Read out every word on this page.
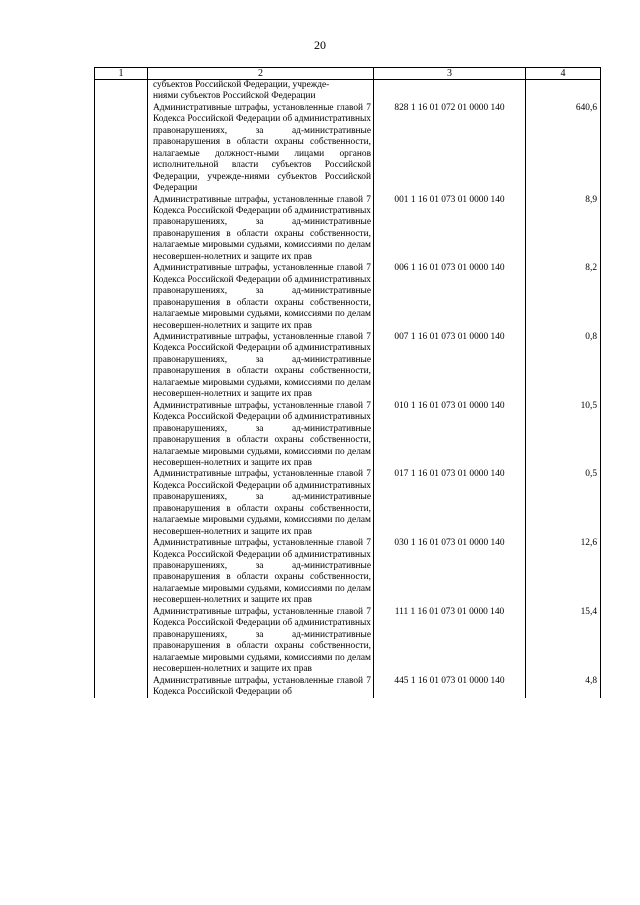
20
1	2	3	4
	субъектов Российской Федерации, учрежде-
ниями субъектов Российской Федерации		
	Административные штрафы, установленные главой 7 Кодекса Российской Федерации об административных правонарушениях, за ад-министративные правонарушения в области охраны собственности, налагаемые должност-ными лицами органов исполнительной власти субъектов Российской Федерации, учрежде-ниями субъектов Российской Федерации	828 1 16 01 072 01 0000 140	640,6
	Административные штрафы, установленные главой 7 Кодекса Российской Федерации об административных правонарушениях, за ад-министративные правонарушения в области охраны собственности, налагаемые мировыми судьями, комиссиями по делам несовершен-нолетних и защите их прав	001 1 16 01 073 01 0000 140	8,9
	Административные штрафы, установленные главой 7 Кодекса Российской Федерации об административных правонарушениях, за ад-министративные правонарушения в области охраны собственности, налагаемые мировыми судьями, комиссиями по делам несовершен-нолетних и защите их прав	006 1 16 01 073 01 0000 140	8,2
	Административные штрафы, установленные главой 7 Кодекса Российской Федерации об административных правонарушениях, за ад-министративные правонарушения в области охраны собственности, налагаемые мировыми судьями, комиссиями по делам несовершен-нолетних и защите их прав	007 1 16 01 073 01 0000 140	0,8
	Административные штрафы, установленные главой 7 Кодекса Российской Федерации об административных правонарушениях, за ад-министративные правонарушения в области охраны собственности, налагаемые мировыми судьями, комиссиями по делам несовершен-нолетних и защите их прав	010 1 16 01 073 01 0000 140	10,5
	Административные штрафы, установленные главой 7 Кодекса Российской Федерации об административных правонарушениях, за ад-министративные правонарушения в области охраны собственности, налагаемые мировыми судьями, комиссиями по делам несовершен-нолетних и защите их прав	017 1 16 01 073 01 0000 140	0,5
	Административные штрафы, установленные главой 7 Кодекса Российской Федерации об административных правонарушениях, за ад-министративные правонарушения в области охраны собственности, налагаемые мировыми судьями, комиссиями по делам несовершен-нолетних и защите их прав	030 1 16 01 073 01 0000 140	12,6
	Административные штрафы, установленные главой 7 Кодекса Российской Федерации об административных правонарушениях, за ад-министративные правонарушения в области охраны собственности, налагаемые мировыми судьями, комиссиями по делам несовершен-нолетних и защите их прав	111 1 16 01 073 01 0000 140	15,4
	Административные штрафы, установленные главой 7 Кодекса Российской Федерации об	445 1 16 01 073 01 0000 140	4,8
